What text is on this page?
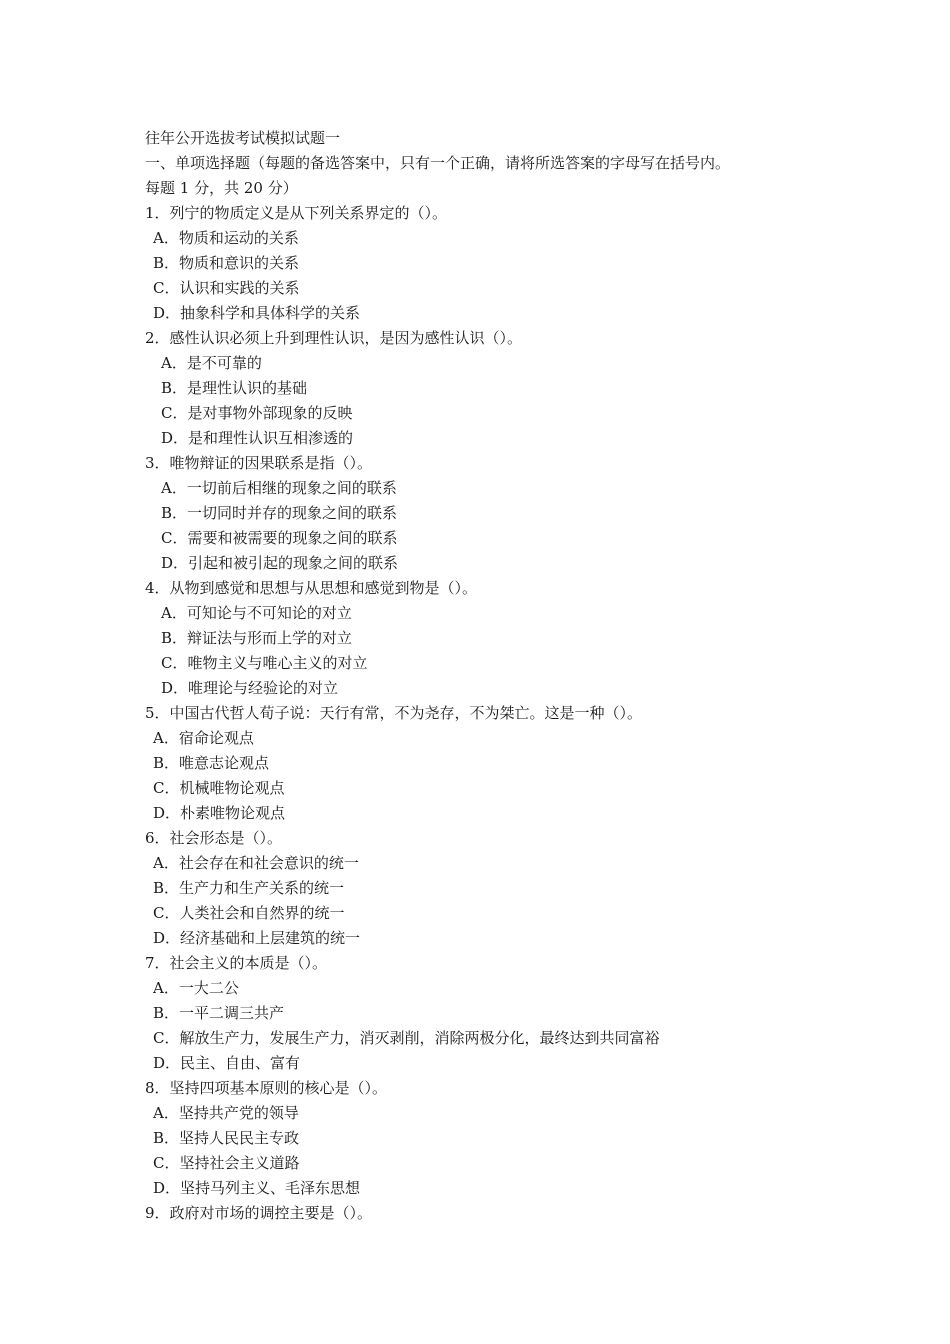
往年公开选拔考试模拟试题一
一、单项选择题（每题的备选答案中，只有一个正确，请将所选答案的字母写在括号内。
每题 1 分，共 20 分）
1．列宁的物质定义是从下列关系界定的（）。
A．物质和运动的关系
B．物质和意识的关系
C．认识和实践的关系
D．抽象科学和具体科学的关系
2．感性认识必须上升到理性认识，是因为感性认识（）。
A．是不可靠的
B．是理性认识的基础
C．是对事物外部现象的反映
D．是和理性认识互相渗透的
3．唯物辩证的因果联系是指（）。
A．一切前后相继的现象之间的联系
B．一切同时并存的现象之间的联系
C．需要和被需要的现象之间的联系
D．引起和被引起的现象之间的联系
4．从物到感觉和思想与从思想和感觉到物是（）。
A．可知论与不可知论的对立
B．辩证法与形而上学的对立
C．唯物主义与唯心主义的对立
D．唯理论与经验论的对立
5．中国古代哲人荀子说：天行有常，不为尧存，不为桀亡。这是一种（）。
A．宿命论观点
B．唯意志论观点
C．机械唯物论观点
D．朴素唯物论观点
6．社会形态是（）。
A．社会存在和社会意识的统一
B．生产力和生产关系的统一
C．人类社会和自然界的统一
D．经济基础和上层建筑的统一
7．社会主义的本质是（）。
A．一大二公
B．一平二调三共产
C．解放生产力，发展生产力，消灭剥削，消除两极分化，最终达到共同富裕
D．民主、自由、富有
8．坚持四项基本原则的核心是（）。
A．坚持共产党的领导
B．坚持人民民主专政
C．坚持社会主义道路
D．坚持马列主义、毛泽东思想
9．政府对市场的调控主要是（）。
